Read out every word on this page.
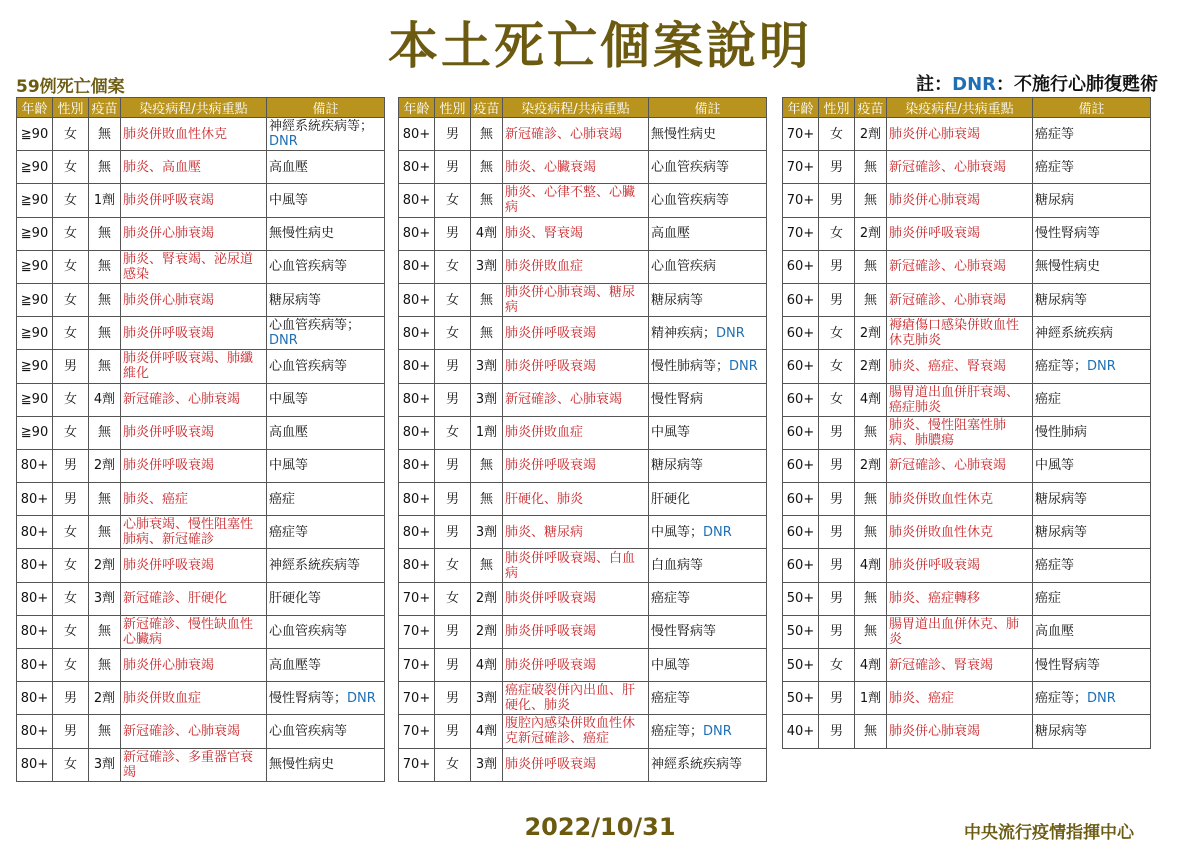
本土死亡個案說明
59例死亡個案	註：DNR：不施行心肺復甦術
年齡	性別	疫苗	染疫病程/共病重點	備註
≧90	女	無	肺炎併敗血性休克	神經系統疾病等；DNR
≧90	女	無	肺炎、高血壓	高血壓
≧90	女	1劑	肺炎併呼吸衰竭	中風等
≧90	女	無	肺炎併心肺衰竭	無慢性病史
≧90	女	無	肺炎、腎衰竭、泌尿道感染	心血管疾病等
≧90	女	無	肺炎併心肺衰竭	糖尿病等
≧90	女	無	肺炎併呼吸衰竭	心血管疾病等；DNR
≧90	男	無	肺炎併呼吸衰竭、肺纖維化	心血管疾病等
≧90	女	4劑	新冠確診、心肺衰竭	中風等
≧90	女	無	肺炎併呼吸衰竭	高血壓
80+	男	2劑	肺炎併呼吸衰竭	中風等
80+	男	無	肺炎、癌症	癌症
80+	女	無	心肺衰竭、慢性阻塞性肺病、新冠確診	癌症等
80+	女	2劑	肺炎併呼吸衰竭	神經系統疾病等
80+	女	3劑	新冠確診、肝硬化	肝硬化等
80+	女	無	新冠確診、慢性缺血性心臟病	心血管疾病等
80+	女	無	肺炎併心肺衰竭	高血壓等
80+	男	2劑	肺炎併敗血症	慢性腎病等；DNR
80+	男	無	新冠確診、心肺衰竭	心血管疾病等
80+	女	3劑	新冠確診、多重器官衰竭	無慢性病史
年齡	性別	疫苗	染疫病程/共病重點	備註
80+	男	無	新冠確診、心肺衰竭	無慢性病史
80+	男	無	肺炎、心臟衰竭	心血管疾病等
80+	女	無	肺炎、心律不整、心臟病	心血管疾病等
80+	男	4劑	肺炎、腎衰竭	高血壓
80+	女	3劑	肺炎併敗血症	心血管疾病
80+	女	無	肺炎併心肺衰竭、糖尿病	糖尿病等
80+	女	無	肺炎併呼吸衰竭	精神疾病；DNR
80+	男	3劑	肺炎併呼吸衰竭	慢性肺病等；DNR
80+	男	3劑	新冠確診、心肺衰竭	慢性腎病
80+	女	1劑	肺炎併敗血症	中風等
80+	男	無	肺炎併呼吸衰竭	糖尿病等
80+	男	無	肝硬化、肺炎	肝硬化
80+	男	3劑	肺炎、糖尿病	中風等；DNR
80+	女	無	肺炎併呼吸衰竭、白血病	白血病等
70+	女	2劑	肺炎併呼吸衰竭	癌症等
70+	男	2劑	肺炎併呼吸衰竭	慢性腎病等
70+	男	4劑	肺炎併呼吸衰竭	中風等
70+	男	3劑	癌症破裂併內出血、肝硬化、肺炎	癌症等
70+	男	4劑	腹腔內感染併敗血性休克新冠確診、癌症	癌症等；DNR
70+	女	3劑	肺炎併呼吸衰竭	神經系統疾病等
年齡	性別	疫苗	染疫病程/共病重點	備註
70+	女	2劑	肺炎併心肺衰竭	癌症等
70+	男	無	新冠確診、心肺衰竭	癌症等
70+	男	無	肺炎併心肺衰竭	糖尿病
70+	女	2劑	肺炎併呼吸衰竭	慢性腎病等
60+	男	無	新冠確診、心肺衰竭	無慢性病史
60+	男	無	新冠確診、心肺衰竭	糖尿病等
60+	女	2劑	褥瘡傷口感染併敗血性休克肺炎	神經系統疾病
60+	女	2劑	肺炎、癌症、腎衰竭	癌症等；DNR
60+	女	4劑	腸胃道出血併肝衰竭、癌症肺炎	癌症
60+	男	無	肺炎、慢性阻塞性肺病、肺膿瘍	慢性肺病
60+	男	2劑	新冠確診、心肺衰竭	中風等
60+	男	無	肺炎併敗血性休克	糖尿病等
60+	男	無	肺炎併敗血性休克	糖尿病等
60+	男	4劑	肺炎併呼吸衰竭	癌症等
50+	男	無	肺炎、癌症轉移	癌症
50+	男	無	腸胃道出血併休克、肺炎	高血壓
50+	女	4劑	新冠確診、腎衰竭	慢性腎病等
50+	男	1劑	肺炎、癌症	癌症等；DNR
40+	男	無	肺炎併心肺衰竭	糖尿病等
2022/10/31	中央流行疫情指揮中心
